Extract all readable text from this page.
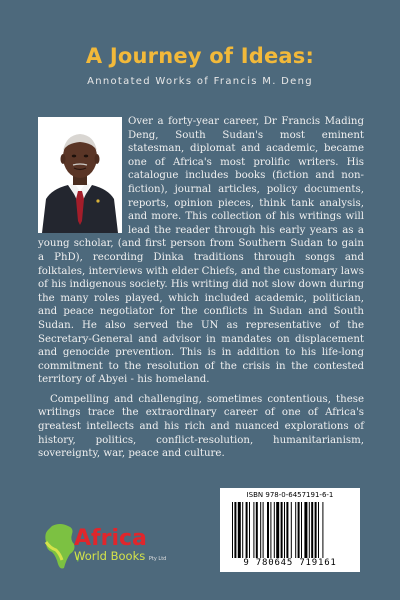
A Journey of Ideas:
Annotated Works of Francis M. Deng

Over a forty-year career, Dr Francis Mading Deng, South Sudan's most eminent statesman, diplomat and academic, became one of Africa's most prolific writers. His catalogue includes books (fiction and non-fiction), journal articles, policy documents, reports, opinion pieces, think tank analysis, and more. This collection of his writings will lead the reader through his early years as a young scholar, (and first person from Southern Sudan to gain a PhD), recording Dinka traditions through songs and folktales, interviews with elder Chiefs, and the customary laws of his indigenous society. His writing did not slow down during the many roles played, which included academic, politician, and peace negotiator for the conflicts in Sudan and South Sudan. He also served the UN as representative of the Secretary-General and advisor in mandates on displacement and genocide prevention. This is in addition to his life-long commitment to the resolution of the crisis in the contested territory of Abyei - his homeland.

Compelling and challenging, sometimes contentious, these writings trace the extraordinary career of one of Africa's greatest intellects and his rich and nuanced explorations of history, politics, conflict-resolution, humanitarianism, sovereignty, war, peace and culture.

Africa
World Books Pty Ltd
ISBN 978-0-6457191-6-1
9 780645 719161
